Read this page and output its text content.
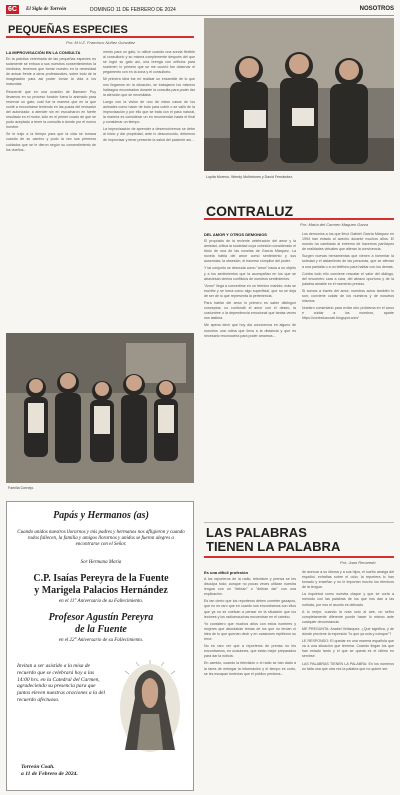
6C	El Siglo de Torreón	DOMINGO 11 DE FEBRERO DE 2024	NOSOTROS
PEQUEÑAS ESPECIES
Por: M.V.Z. Francisco Núñez González
LA IMPROVISACIÓN EN LA CONSULTA

En la práctica veterinaria de las pequeñas especies es solamente se enfoca a sus nuestros consentimientos la medicina, tenemos que tomar nuestro en la necesidad de actuar frente a otros profesionales, sobre todo de la imaginación para así poder tomar la vida a los mascotas.

Recuerde que en una ocasión de Bamanrr Puy llevamos en su proceso función fuera lo animado para reservar un gato; cuál fue la manera que en la que conté a encontrarse teniendo en las pusas del revisador del autorizado: a atender sin en escucharon en fuerte resultado en el motor, sólo en el primer cuarto de que se pudo aceptado a tener la consulta a donde por el nuevo hombre.

Se le trajo a la tiempo para que la vida se tomara cuando de su camino y pudo la vez sus primeros cuidados que se le dieron según su consentimiento de los dueños...

mento para un gato, lo utilicé cuando una sonda flexible al consultorio y su misma complemente después del que se logró su gato así, una brenga con orificios para sostener; lo primero que se me ocurrió fue observar el pegamento con en la zona y el consultorio.

Mi primera idea fue en realizar un ensamble de lo que nos llegamos en la situación, se trabajaron los mismos hallazgos encontrados durante la consulta para poder dar la atención que se necesitaba.

Luego con la visión de uno de estos casos de los animales como hacer de todo para cubrir o se valió de la improvisación y por ello que se trata con el paso natural, la manera es considerar un en recomendar hasta el final y considerar un tiempo.

La improvisación de aprender a desenvolvernos se debe al inicio y dar propiedad, ante lo desconocido, debemos de improvisar y tener presente la salud del paciente así...

Familia Cornejo.
Lupita Moreno, Wendy Muñetones y David Fernández.
CONTRALUZ
Por: María del Carmen Maqueo Garza
DEL AMOR Y OTROS DEMONIOS

El propósito de la reciente celebración del amor y la amistad, critica la sociedad cuya cohesión considerado el título de una de las novelas de García Márquez. La novela habla del amor como sentimiento y sus ausencias; la obsesión, el hacerse cómplice del poder.

Y tal conjunto se desnuda como "amor" hacia a un objeto y a los sentimientos que la acompañan en los que se atraviesan ciertos conflictos de nuestros sentimientos.

"Amor" llega a convertirse en un término manido; más se escribe y se toma como algo superficial, que no se deja de ser de lo que representa la pertenencia.

Para hablar del amor lo primero es saber distinguir conceptos; no confundir el amor con el deseo, la costumbre o la dependencia emocional que tantas veces nos lastima.

Me apena decir que hoy día conocemos en alguno de nosotros una rutina que lleva a la distancia y que es necesario reconocerla para poder amarnos...

Los demonios a los que llevó Gabriel García Márquez en 1994 han estado al acecho durante muchos años. El mundo ha cambiado al extremo de hacernos partícipes de realidades virtuales que alteran la convivencia.

Surgen nuevas herramientas que vienen a fomentar la soledad y el aislamiento de las personas, que se aferran a una pantalla o a un teléfono para hablar con los demás.

Contra todo ello conviene rescatar el valor del diálogo, del encuentro cara a cara, del abrazo oportuno y de la palabra amable en el momento preciso.

Si somos a través del amor, nuestros actos también lo son; conviene cuidar de los nuestros y de nosotros mismos.

Nuestro comentario para evitar otro problema en el amor e cuidar a los nuestros, aparte https://contraluzcoah.blogspot.com/

LAS PALABRAS
TIENEN LA PALABRA
Por: Juan Recaredo
Es una difícil profesión

A los reporteros de la radio, televisión y prensa se les disculpa todo; aunque no pocas veces utilizan nuestra lengua con un "debían" o "debían dar" con una explicación.

Es tan cierto que los reporteros deben cometer gazapos, que no es raro que en cuanto nos encontramos con ellos que ya no se vuelvan a pensar en la situación que los lectores y los radioescuchas encuentran en el camino.

Yo considero que muchos años con estos hombres y mujeres que abordaban temas de los que no tenían ni idea de lo que querían decir y en ocasiones repitieron su error.

No es raro ver que a reporteros de prensa no les encontramos, en ocasiones, que estan mejor preparados para dar la noticia.

En cambio, cuando la televisión o el radio se han dado a la tarea de entregar la información y el tiempo es corto, se les escapan tonterías que el público perdona...

de acercar a su idioma y a sus hijos, el sueño arraiga del español, extrañas sobre el oído; la reportera lo han tomado y enseñan y no le importan mucho los términos de la lengua.

La inquietud como nuestra claque y que se corta a menudo con las palabras de los que nos dan a las noticias, por eso el asunto es delicado.

A lo mejor, cuando la nota solo al aire, un señor completamente diferente puede hacer lo mismo ante cualquier circunstancia.

ME PREGUNTA: Anabel Velázquez: ¿Qué significa, y de dónde proviene la expresión "lo que ya cola y coloque"?

LE RESPONDO: El quedar en una manera española que va a una situación que termina. Cuando llegan los que han estado tanto y el que se queda es el último en servirse.

LAS PALABRAS TIENEN LA PALABRA: En los números no falta una que otra vez la palabra que no quiere ser.

Papás y Hermanos (as)
Cuando unidos nuestros llorarnos y mis padres y hermanos nos afligieron y cuando todos fallecen, la familia y amigos llorarnos y unidos se fueron alegres a encontrarse con el Señor.
Sor Hermana María
C.P. Isaías Pereyra de la Fuente
y Marigela Palacios Hernández
en el 11° Aniversario de su Fallecimiento.
Profesor Agustín Pereyra
de la Fuente
en el 22° Aniversario de su Fallecimiento.
Invitan a ser asistido a la misa de recuerdo que se celebrará hoy a las 14:00 hrs. en la Catedral del Carmen, agradeciendo su presencia para que juntos eleven nuestras oraciones a la del recuerdo afectuoso.
Torreón Coah.
a 11 de Febrero de 2024.
